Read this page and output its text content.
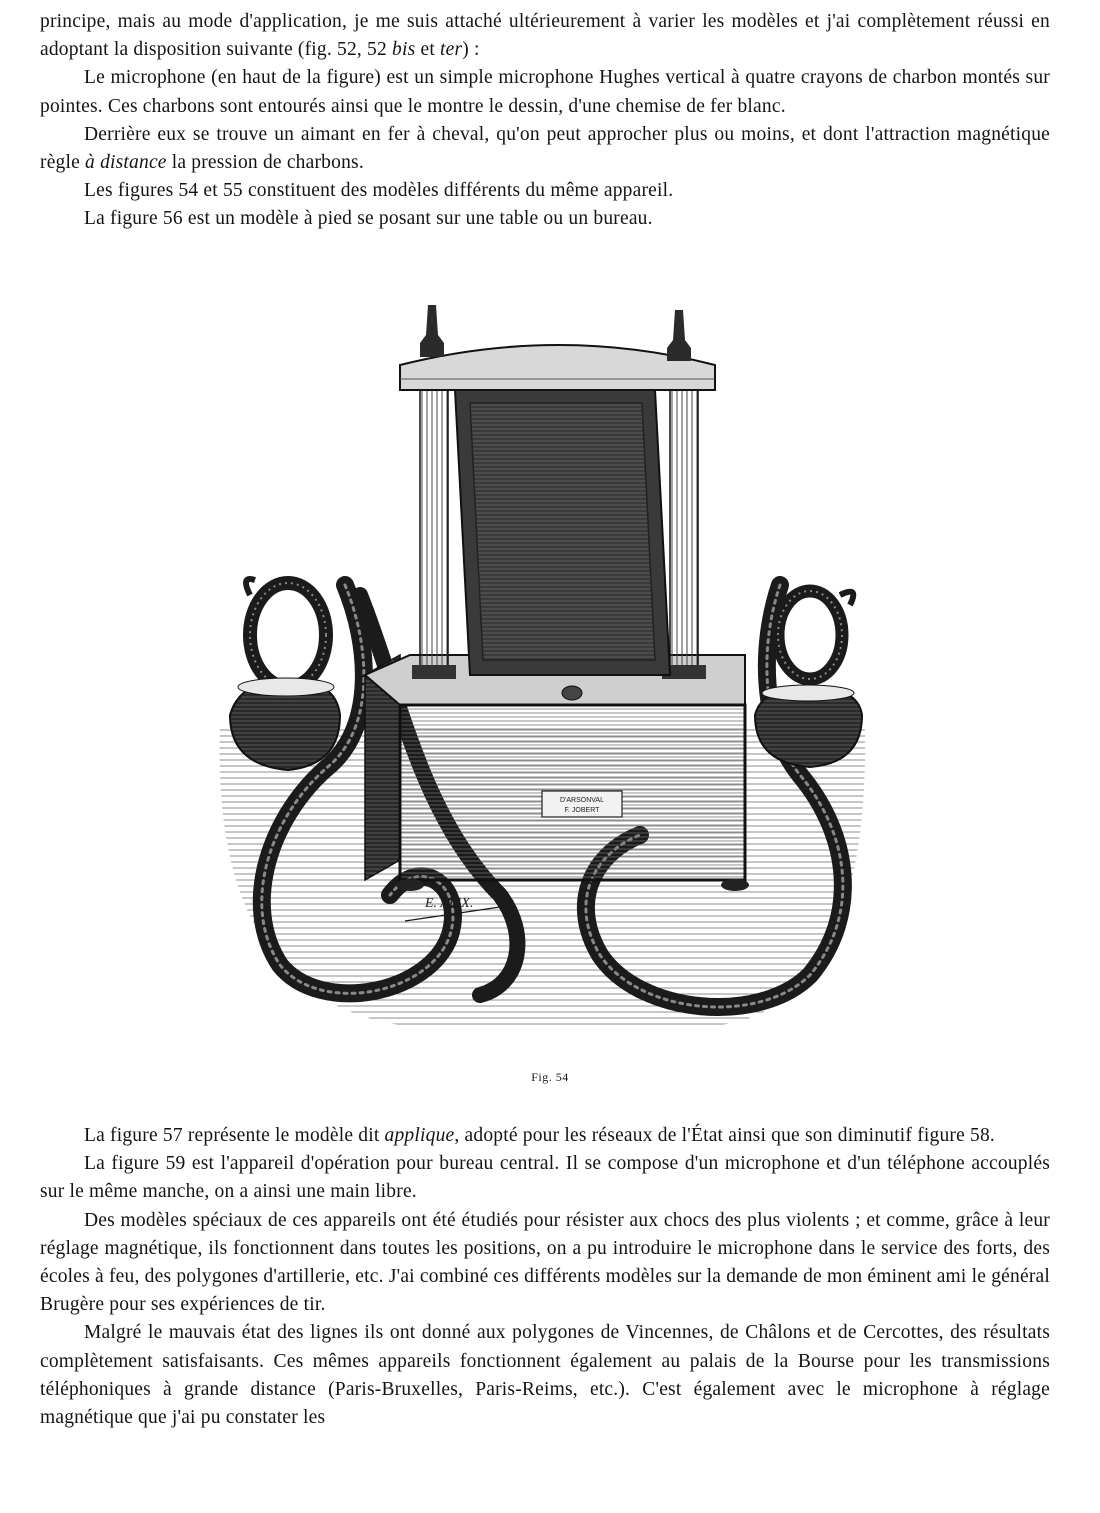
principe, mais au mode d'application, je me suis attaché ultérieurement à varier les modèles et j'ai complètement réussi en adoptant la disposition suivante (fig. 52, 52 bis et ter) :

Le microphone (en haut de la figure) est un simple microphone Hughes vertical à quatre crayons de charbon montés sur pointes. Ces charbons sont entourés ainsi que le montre le dessin, d'une chemise de fer blanc.

Derrière eux se trouve un aimant en fer à cheval, qu'on peut approcher plus ou moins, et dont l'attraction magnétique règle à distance la pression de charbons.

Les figures 54 et 55 constituent des modèles différents du même appareil.

La figure 56 est un modèle à pied se posant sur une table ou un bureau.

D'ARSONVAL
F. JOBERT
E. ALIX.
Fig. 54

La figure 57 représente le modèle dit applique, adopté pour les réseaux de l'État ainsi que son diminutif figure 58.

La figure 59 est l'appareil d'opération pour bureau central. Il se compose d'un microphone et d'un téléphone accouplés sur le même manche, on a ainsi une main libre.

Des modèles spéciaux de ces appareils ont été étudiés pour résister aux chocs des plus violents ; et comme, grâce à leur réglage magnétique, ils fonctionnent dans toutes les positions, on a pu introduire le microphone dans le service des forts, des écoles à feu, des polygones d'artillerie, etc. J'ai combiné ces différents modèles sur la demande de mon éminent ami le général Brugère pour ses expériences de tir.

Malgré le mauvais état des lignes ils ont donné aux polygones de Vincennes, de Châlons et de Cercottes, des résultats complètement satisfaisants. Ces mêmes appareils fonctionnent également au palais de la Bourse pour les transmissions téléphoniques à grande distance (Paris-Bruxelles, Paris-Reims, etc.). C'est également avec le microphone à réglage magnétique que j'ai pu constater les
